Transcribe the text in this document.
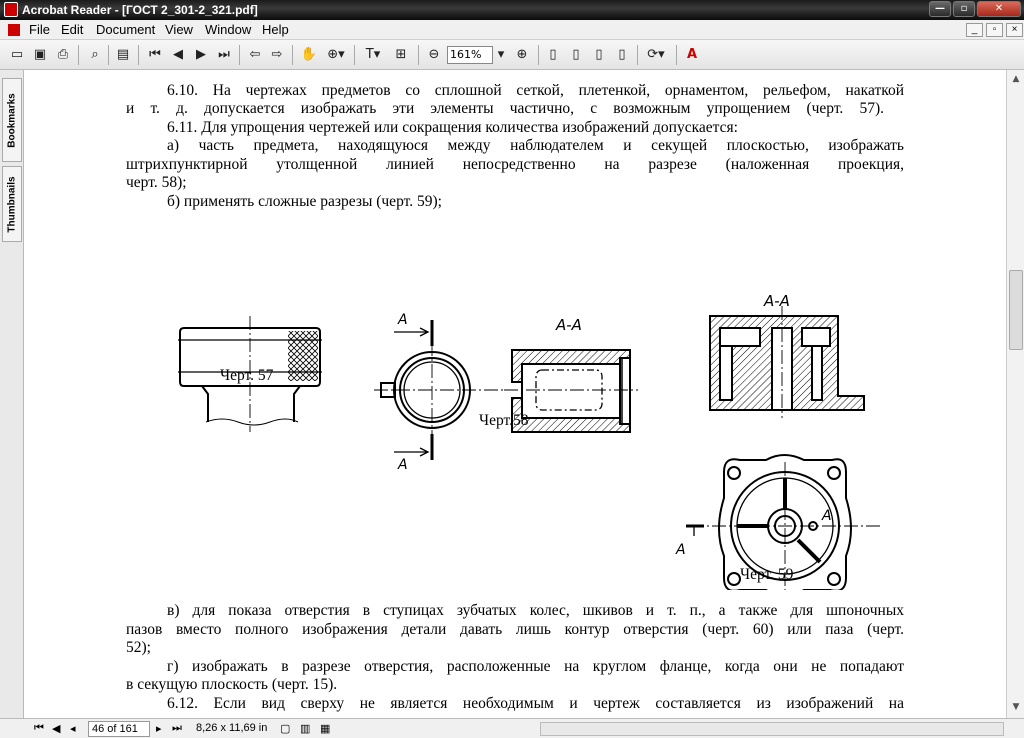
Acrobat Reader - [ГОСТ 2_301-2_321.pdf]	—	▫	✕
File Edit Document View Window Help	_	▫	×
▭ ▣ ⎙	⌕	▤ ⏮ ◀	▶ ⏭ ⇦ ⇨ ✋ ⊕▾	T▾	⊞ ⊖ 161%	▾ ⊕	▯	▯	▯	▯	⟳▾	A
Bookmarks
Thumbnails
6.10. На чертежах предметов со сплошной сеткой, плетенкой, орнаментом, рельефом, накаткой
и т. д. допускается изображать эти элементы частично, с возможным упрощением (черт. 57).
6.11. Для упрощения чертежей или сокращения количества изображений допускается:
а) часть предмета, находящуюся между наблюдателем и секущей плоскостью, изображать
штрихпунктирной утолщенной линией непосредственно на разрезе (наложенная проекция,
черт. 58);
б) применять сложные разрезы (черт. 59);
А
А
А-А
А-А
А
А
Черт. 57
Черт.58
Черт. 59
в) для показа отверстия в ступицах зубчатых колес, шкивов и т. п., а также для шпоночных
пазов вместо полного изображения детали давать лишь контур отверстия (черт. 60) или паза (черт.
52);
г) изображать в разрезе отверстия, расположенные на круглом фланце, когда они не попадают
в секущую плоскость (черт. 15).
6.12. Если вид сверху не является необходимым и чертеж составляется из изображений на
▲
▼
⏮ ◀ ◂	46 of 161	▸ ⏭ 8,26 x 11,69 in ▢ ▥ ▦
